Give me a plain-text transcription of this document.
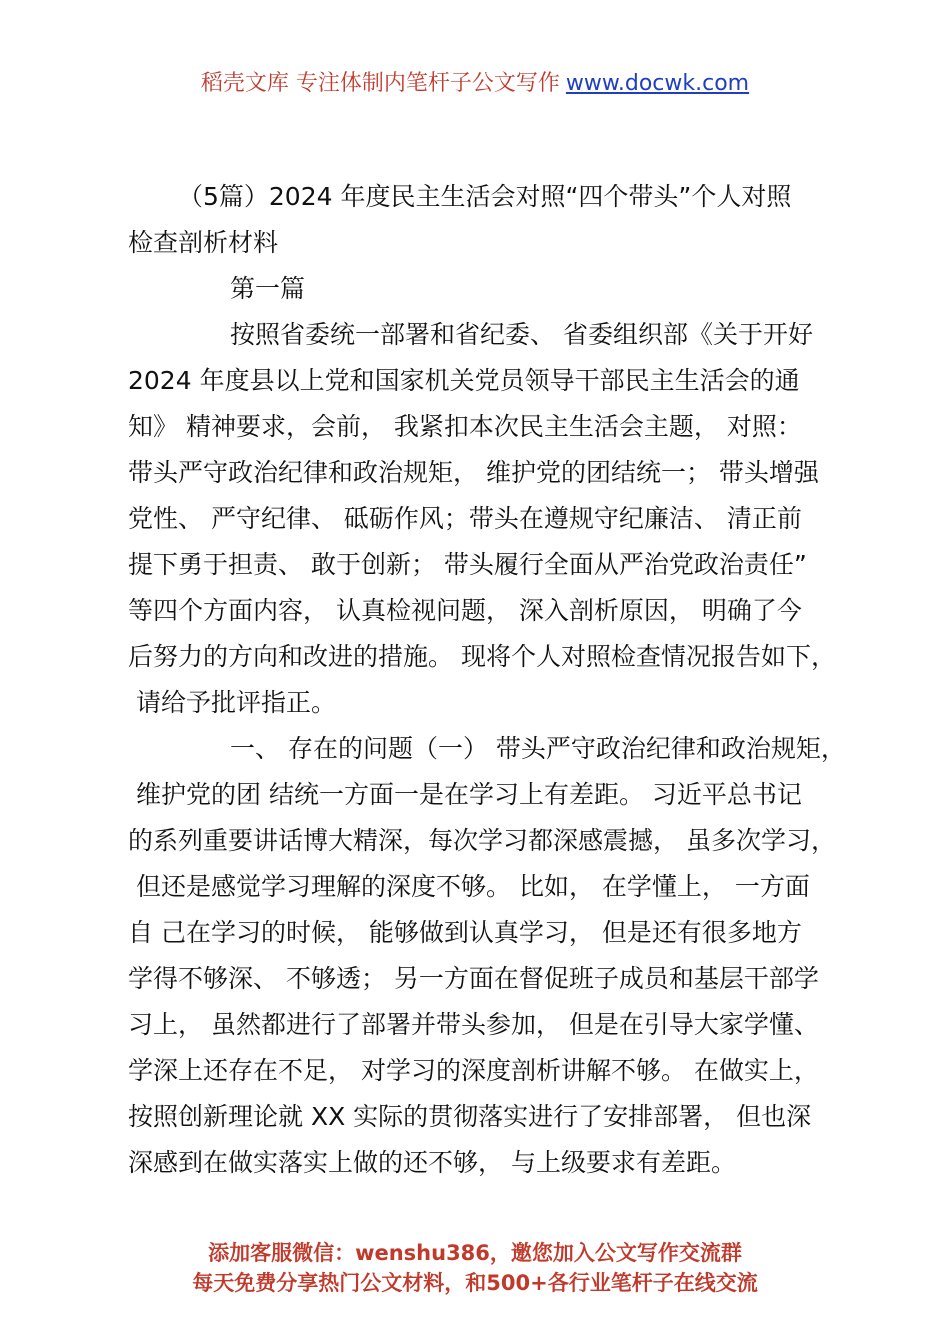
稻壳文库 专注体制内笔杆子公文写作 www.docwk.com
（5篇）2024 年度民主生活会对照“四个带头”个人对照
检查剖析材料
第一篇
按照省委统一部署和省纪委、 省委组织部《关于开好
2024 年度县以上党和国家机关党员领导干部民主生活会的通
知》 精神要求，会前， 我紧扣本次民主生活会主题， 对照：
带头严守政治纪律和政治规矩， 维护党的团结统一； 带头增强
党性、 严守纪律、 砥砺作风；带头在遵规守纪廉洁、 清正前
提下勇于担责、 敢于创新； 带头履行全面从严治党政治责任”
等四个方面内容， 认真检视问题， 深入剖析原因， 明确了今
后努力的方向和改进的措施。 现将个人对照检查情况报告如下，
请给予批评指正。
一、 存在的问题（一） 带头严守政治纪律和政治规矩，
维护党的团 结统一方面一是在学习上有差距。 习近平总书记
的系列重要讲话博大精深，每次学习都深感震撼， 虽多次学习，
但还是感觉学习理解的深度不够。 比如， 在学懂上， 一方面
自 己在学习的时候， 能够做到认真学习， 但是还有很多地方
学得不够深、 不够透； 另一方面在督促班子成员和基层干部学
习上， 虽然都进行了部署并带头参加， 但是在引导大家学懂、
学深上还存在不足， 对学习的深度剖析讲解不够。 在做实上，
按照创新理论就 XX 实际的贯彻落实进行了安排部署， 但也深
深感到在做实落实上做的还不够， 与上级要求有差距。
添加客服微信：wenshu386，邀您加入公文写作交流群
每天免费分享热门公文材料，和500+各行业笔杆子在线交流
